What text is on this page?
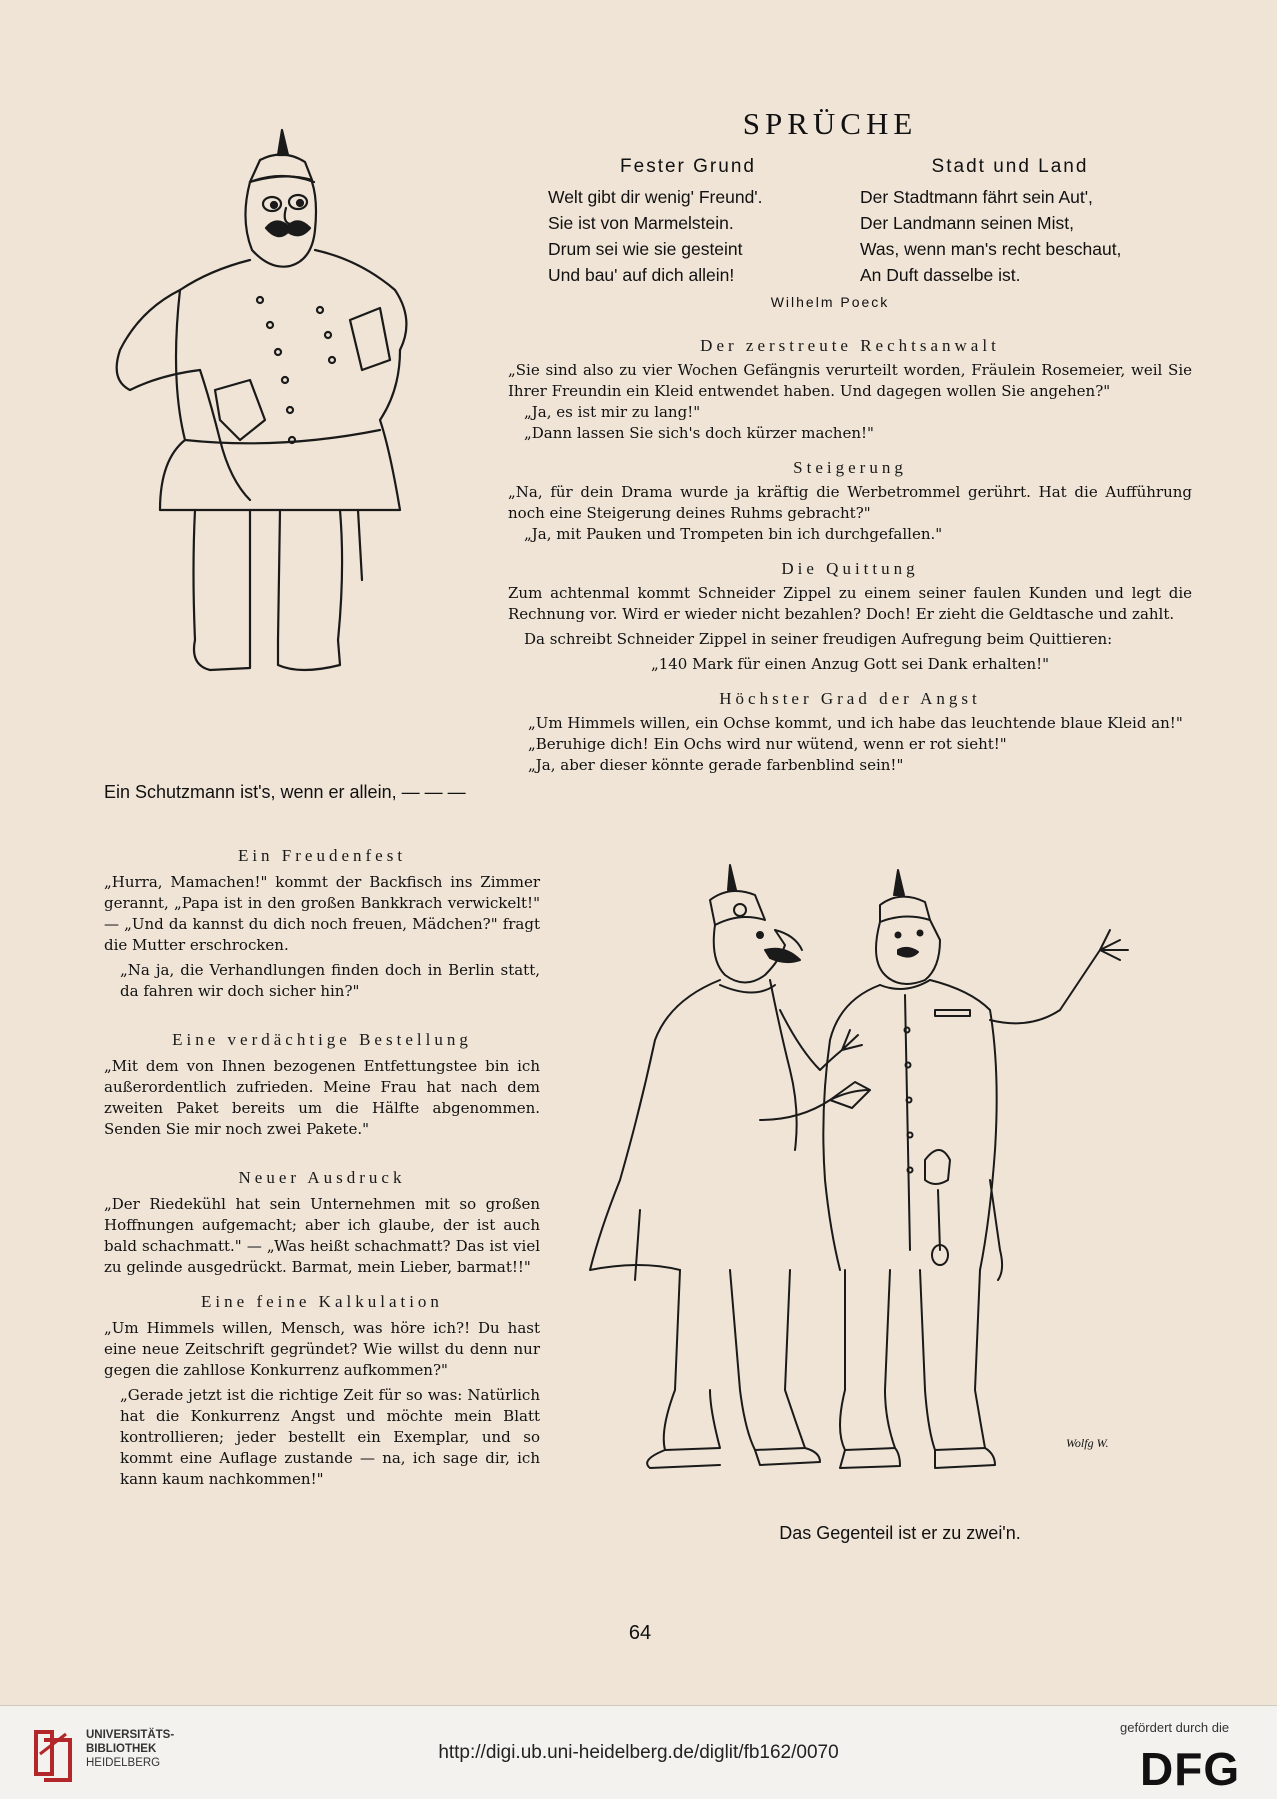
SPRÜCHE
Fester Grund
Welt gibt dir wenig' Freund'.
Sie ist von Marmelstein.
Drum sei wie sie gesteint
Und bau' auf dich allein!
Stadt und Land
Der Stadtmann fährt sein Aut',
Der Landmann seinen Mist,
Was, wenn man's recht beschaut,
An Duft dasselbe ist.
Wilhelm Poeck
Der zerstreute Rechtsanwalt
„Sie sind also zu vier Wochen Gefängnis verurteilt worden, Fräulein Rosemeier, weil Sie Ihrer Freundin ein Kleid entwendet haben. Und dagegen wollen Sie angehen?"
„Ja, es ist mir zu lang!"
„Dann lassen Sie sich's doch kürzer machen!"
Steigerung
„Na, für dein Drama wurde ja kräftig die Werbetrommel gerührt. Hat die Aufführung noch eine Steigerung deines Ruhms gebracht?"
„Ja, mit Pauken und Trompeten bin ich durchgefallen."
Die Quittung
Zum achtenmal kommt Schneider Zippel zu einem seiner faulen Kunden und legt die Rechnung vor. Wird er wieder nicht bezahlen? Doch! Er zieht die Geldtasche und zahlt.
Da schreibt Schneider Zippel in seiner freudigen Aufregung beim Quittieren:
„140 Mark für einen Anzug Gott sei Dank erhalten!"
Höchster Grad der Angst
„Um Himmels willen, ein Ochse kommt, und ich habe das leuchtende blaue Kleid an!"
„Beruhige dich! Ein Ochs wird nur wütend, wenn er rot sieht!"
„Ja, aber dieser könnte gerade farbenblind sein!"
Ein Schutzmann ist's, wenn er allein, — — —
Ein Freudenfest
„Hurra, Mamachen!" kommt der Backfisch ins Zimmer gerannt, „Papa ist in den großen Bankkrach verwickelt!" — „Und da kannst du dich noch freuen, Mädchen?" fragt die Mutter erschrocken.
„Na ja, die Verhandlungen finden doch in Berlin statt, da fahren wir doch sicher hin?"
Eine verdächtige Bestellung
„Mit dem von Ihnen bezogenen Entfettungstee bin ich außerordentlich zufrieden. Meine Frau hat nach dem zweiten Paket bereits um die Hälfte abgenommen. Senden Sie mir noch zwei Pakete."
Neuer Ausdruck
„Der Riedekühl hat sein Unternehmen mit so großen Hoffnungen aufgemacht; aber ich glaube, der ist auch bald schachmatt." — „Was heißt schachmatt? Das ist viel zu gelinde ausgedrückt. Barmat, mein Lieber, barmat!!"
Eine feine Kalkulation
„Um Himmels willen, Mensch, was höre ich?! Du hast eine neue Zeitschrift gegründet? Wie willst du denn nur gegen die zahllose Konkurrenz aufkommen?"
„Gerade jetzt ist die richtige Zeit für so was: Natürlich hat die Konkurrenz Angst und möchte mein Blatt kontrollieren; jeder bestellt ein Exemplar, und so kommt eine Auflage zustande — na, ich sage dir, ich kann kaum nachkommen!"
Wolfg W.
Das Gegenteil ist er zu zwei'n.
64
UNIVERSITÄTS-
BIBLIOTHEK
HEIDELBERG	http://digi.ub.uni-heidelberg.de/diglit/fb162/0070
gefördert durch die
DFG
